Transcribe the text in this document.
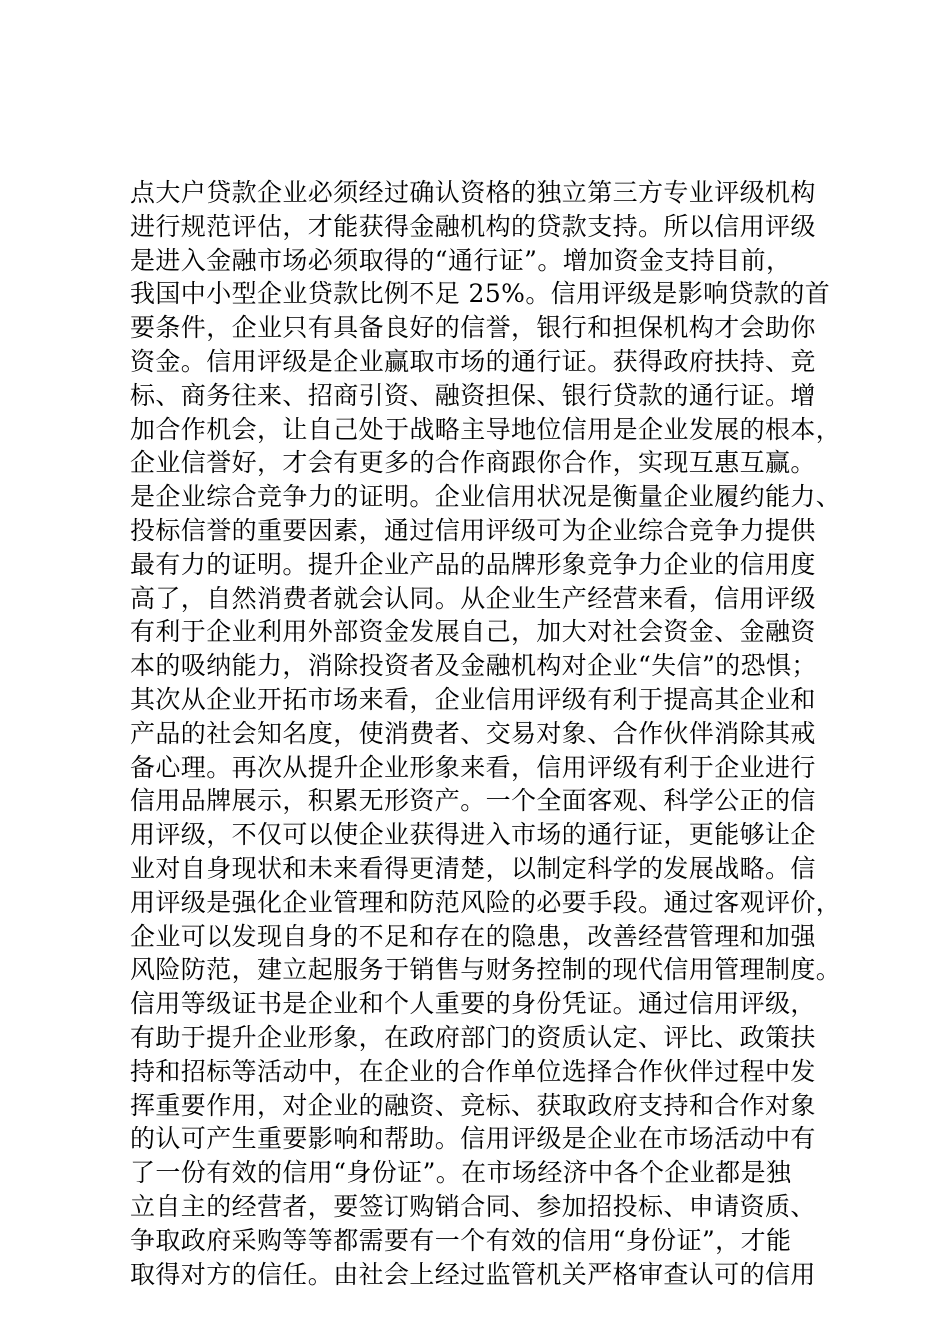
点大户贷款企业必须经过确认资格的独立第三方专业评级机构
进行规范评估，才能获得金融机构的贷款支持。所以信用评级
是进入金融市场必须取得的“通行证”。增加资金支持目前，
我国中小型企业贷款比例不足 25%。信用评级是影响贷款的首
要条件，企业只有具备良好的信誉，银行和担保机构才会助你
资金。信用评级是企业赢取市场的通行证。获得政府扶持、竞
标、商务往来、招商引资、融资担保、银行贷款的通行证。增
加合作机会，让自己处于战略主导地位信用是企业发展的根本，
企业信誉好，才会有更多的合作商跟你合作，实现互惠互赢。
是企业综合竞争力的证明。企业信用状况是衡量企业履约能力、
投标信誉的重要因素，通过信用评级可为企业综合竞争力提供
最有力的证明。提升企业产品的品牌形象竞争力企业的信用度
高了，自然消费者就会认同。从企业生产经营来看，信用评级
有利于企业利用外部资金发展自己，加大对社会资金、金融资
本的吸纳能力，消除投资者及金融机构对企业“失信”的恐惧；
其次从企业开拓市场来看，企业信用评级有利于提高其企业和
产品的社会知名度，使消费者、交易对象、合作伙伴消除其戒
备心理。再次从提升企业形象来看，信用评级有利于企业进行
信用品牌展示，积累无形资产。一个全面客观、科学公正的信
用评级，不仅可以使企业获得进入市场的通行证，更能够让企
业对自身现状和未来看得更清楚，以制定科学的发展战略。信
用评级是强化企业管理和防范风险的必要手段。通过客观评价，
企业可以发现自身的不足和存在的隐患，改善经营管理和加强
风险防范，建立起服务于销售与财务控制的现代信用管理制度。
信用等级证书是企业和个人重要的身份凭证。通过信用评级，
有助于提升企业形象，在政府部门的资质认定、评比、政策扶
持和招标等活动中，在企业的合作单位选择合作伙伴过程中发
挥重要作用，对企业的融资、竞标、获取政府支持和合作对象
的认可产生重要影响和帮助。信用评级是企业在市场活动中有
了一份有效的信用“身份证”。在市场经济中各个企业都是独
立自主的经营者，要签订购销合同、参加招投标、申请资质、
争取政府采购等等都需要有一个有效的信用“身份证”，才能
取得对方的信任。由社会上经过监管机关严格审查认可的信用
